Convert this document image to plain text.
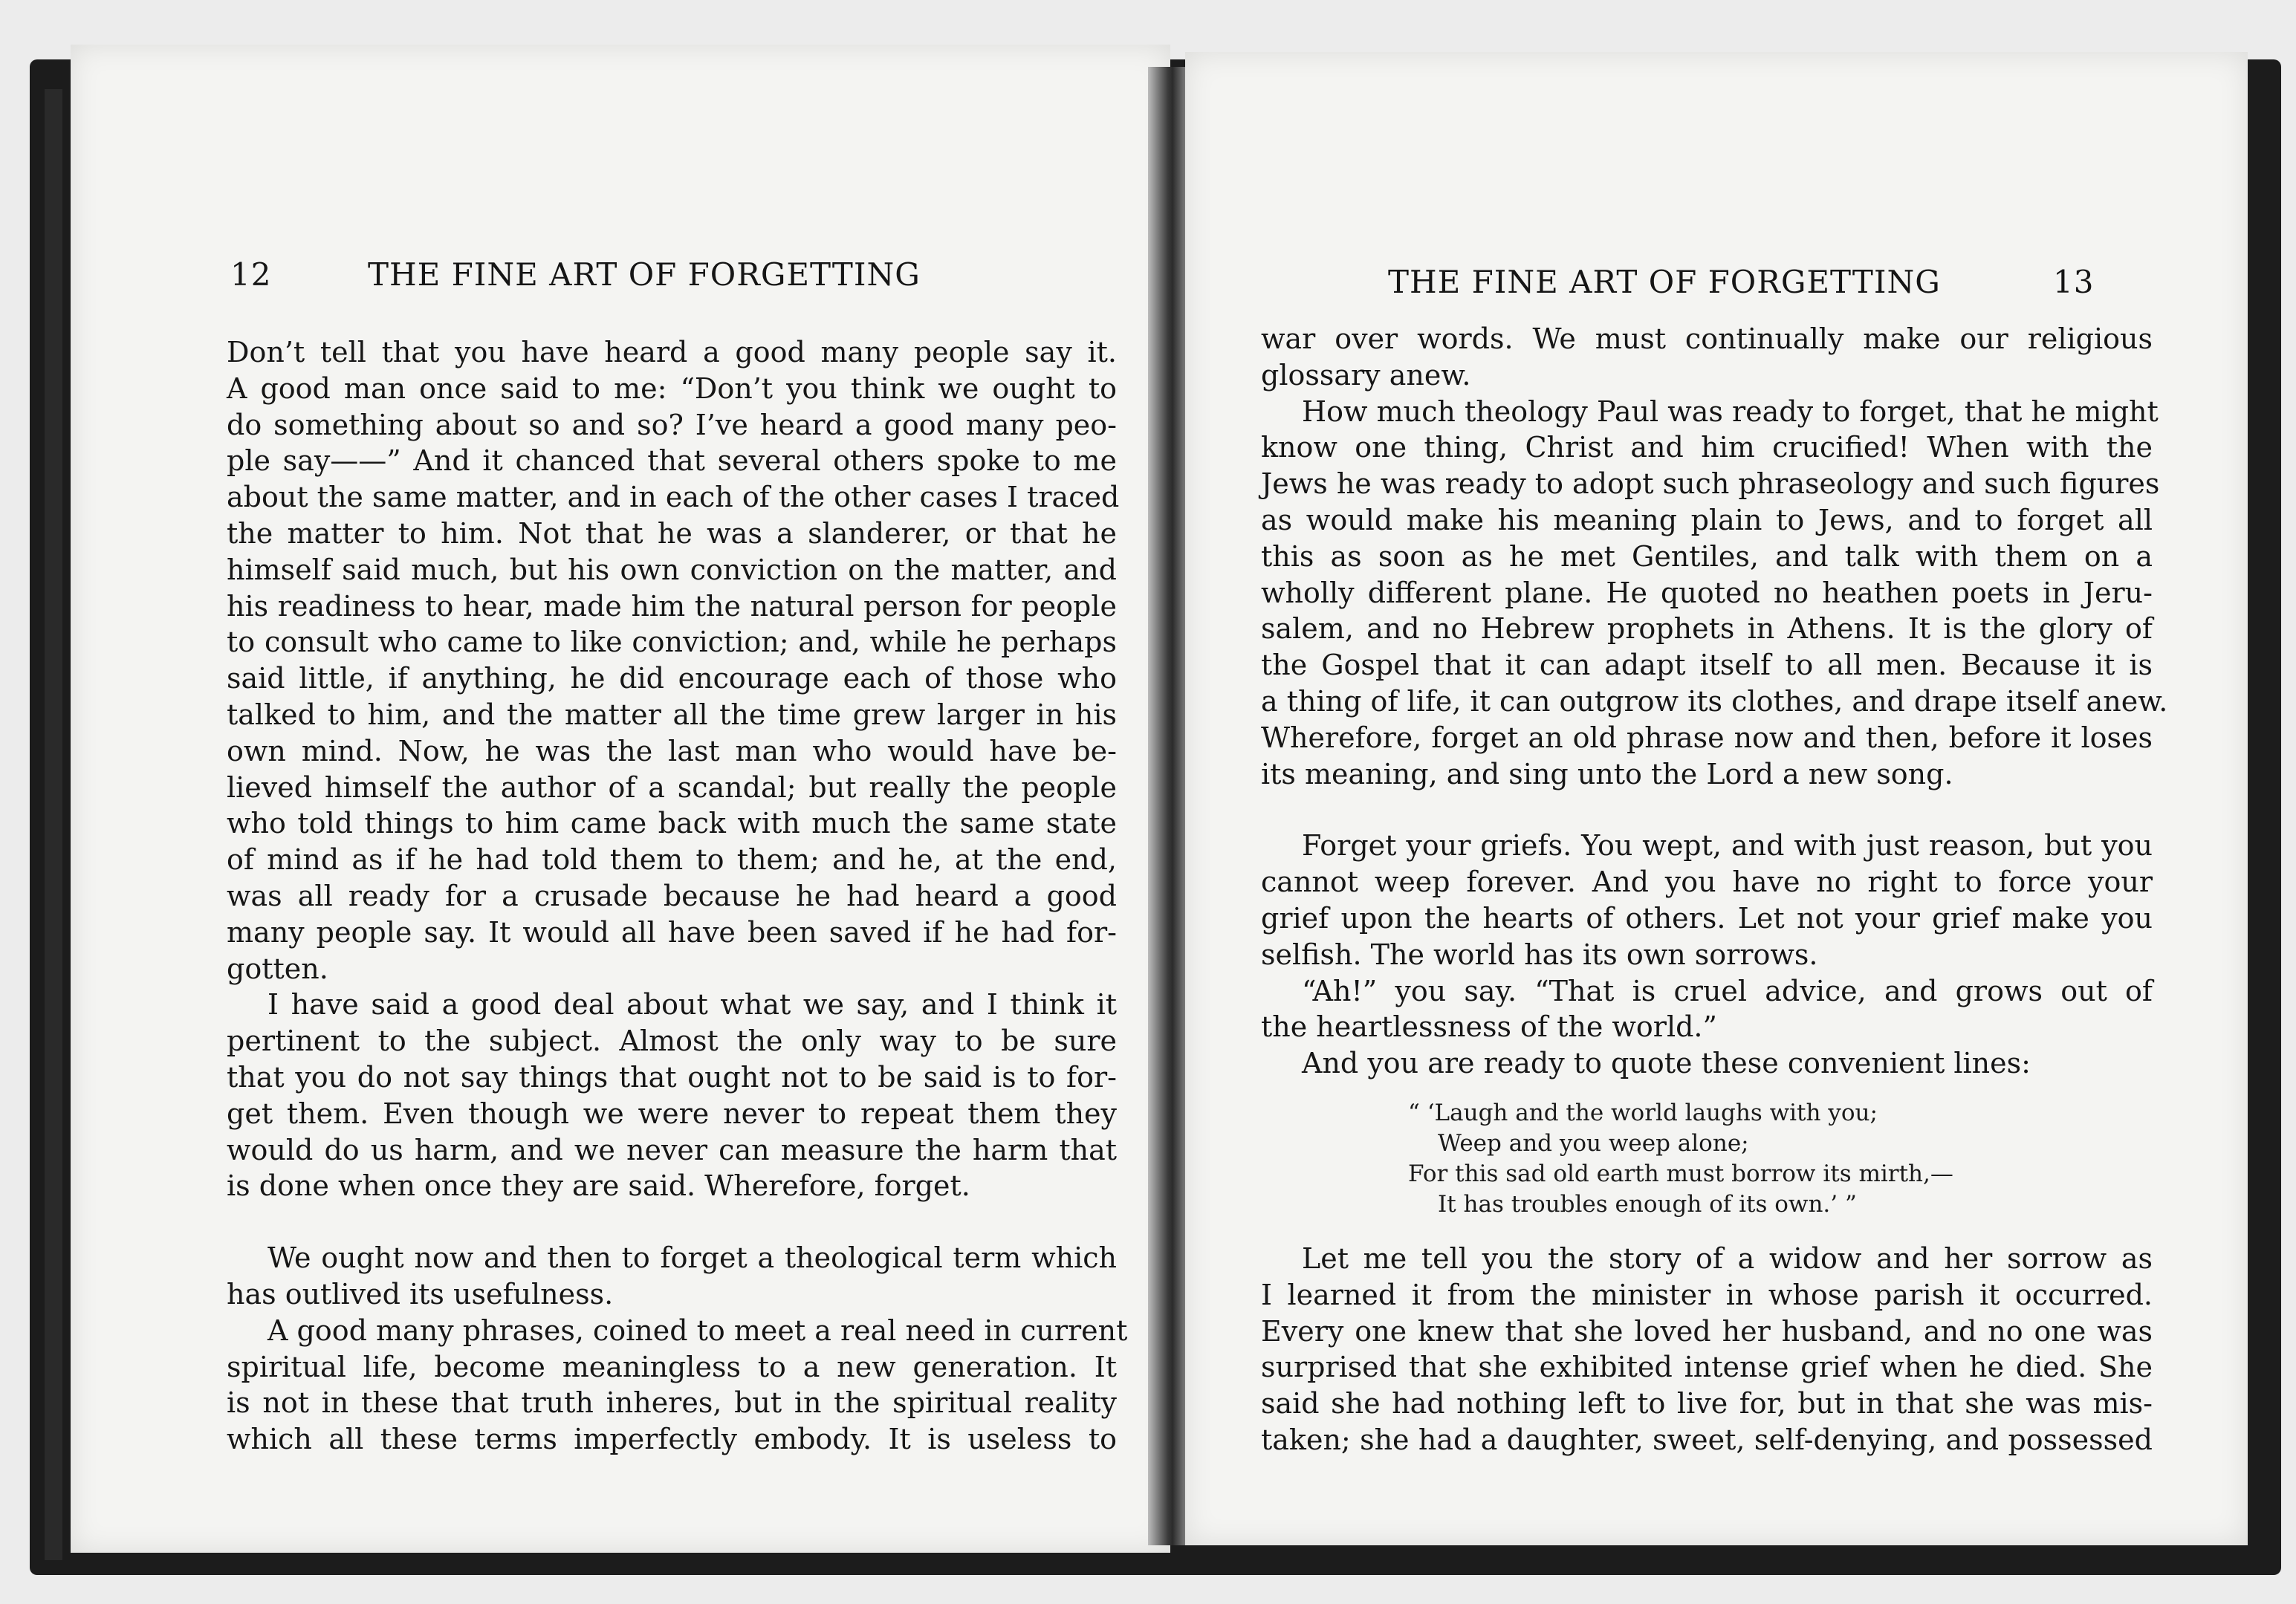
12	THE FINE ART OF FORGETTING

Don’t tell that you have heard a good many people say it.
A good man once said to me: “Don’t you think we ought to
do something about so and so? I’ve heard a good many peo-
ple say——” And it chanced that several others spoke to me
about the same matter, and in each of the other cases I traced
the matter to him. Not that he was a slanderer, or that he
himself said much, but his own conviction on the matter, and
his readiness to hear, made him the natural person for people
to consult who came to like conviction; and, while he perhaps
said little, if anything, he did encourage each of those who
talked to him, and the matter all the time grew larger in his
own mind. Now, he was the last man who would have be-
lieved himself the author of a scandal; but really the people
who told things to him came back with much the same state
of mind as if he had told them to them; and he, at the end,
was all ready for a crusade because he had heard a good
many people say. It would all have been saved if he had for-
gotten.

I have said a good deal about what we say, and I think it
pertinent to the subject. Almost the only way to be sure
that you do not say things that ought not to be said is to for-
get them. Even though we were never to repeat them they
would do us harm, and we never can measure the harm that
is done when once they are said. Wherefore, forget.

We ought now and then to forget a theological term which
has outlived its usefulness.

A good many phrases, coined to meet a real need in current
spiritual life, become meaningless to a new generation. It
is not in these that truth inheres, but in the spiritual reality
which all these terms imperfectly embody. It is useless to

THE FINE ART OF FORGETTING	13

war over words. We must continually make our religious
glossary anew.

How much theology Paul was ready to forget, that he might
know one thing, Christ and him crucified! When with the
Jews he was ready to adopt such phraseology and such figures
as would make his meaning plain to Jews, and to forget all
this as soon as he met Gentiles, and talk with them on a
wholly different plane. He quoted no heathen poets in Jeru-
salem, and no Hebrew prophets in Athens. It is the glory of
the Gospel that it can adapt itself to all men. Because it is
a thing of life, it can outgrow its clothes, and drape itself anew.
Wherefore, forget an old phrase now and then, before it loses
its meaning, and sing unto the Lord a new song.

Forget your griefs. You wept, and with just reason, but you
cannot weep forever. And you have no right to force your
grief upon the hearts of others. Let not your grief make you
selfish. The world has its own sorrows.

“Ah!” you say. “That is cruel advice, and grows out of
the heartlessness of the world.”

And you are ready to quote these convenient lines:

“ ‘Laugh and the world laughs with you;
Weep and you weep alone;
For this sad old earth must borrow its mirth,—
It has troubles enough of its own.’ ”

Let me tell you the story of a widow and her sorrow as
I learned it from the minister in whose parish it occurred.
Every one knew that she loved her husband, and no one was
surprised that she exhibited intense grief when he died. She
said she had nothing left to live for, but in that she was mis-
taken; she had a daughter, sweet, self-denying, and possessed
